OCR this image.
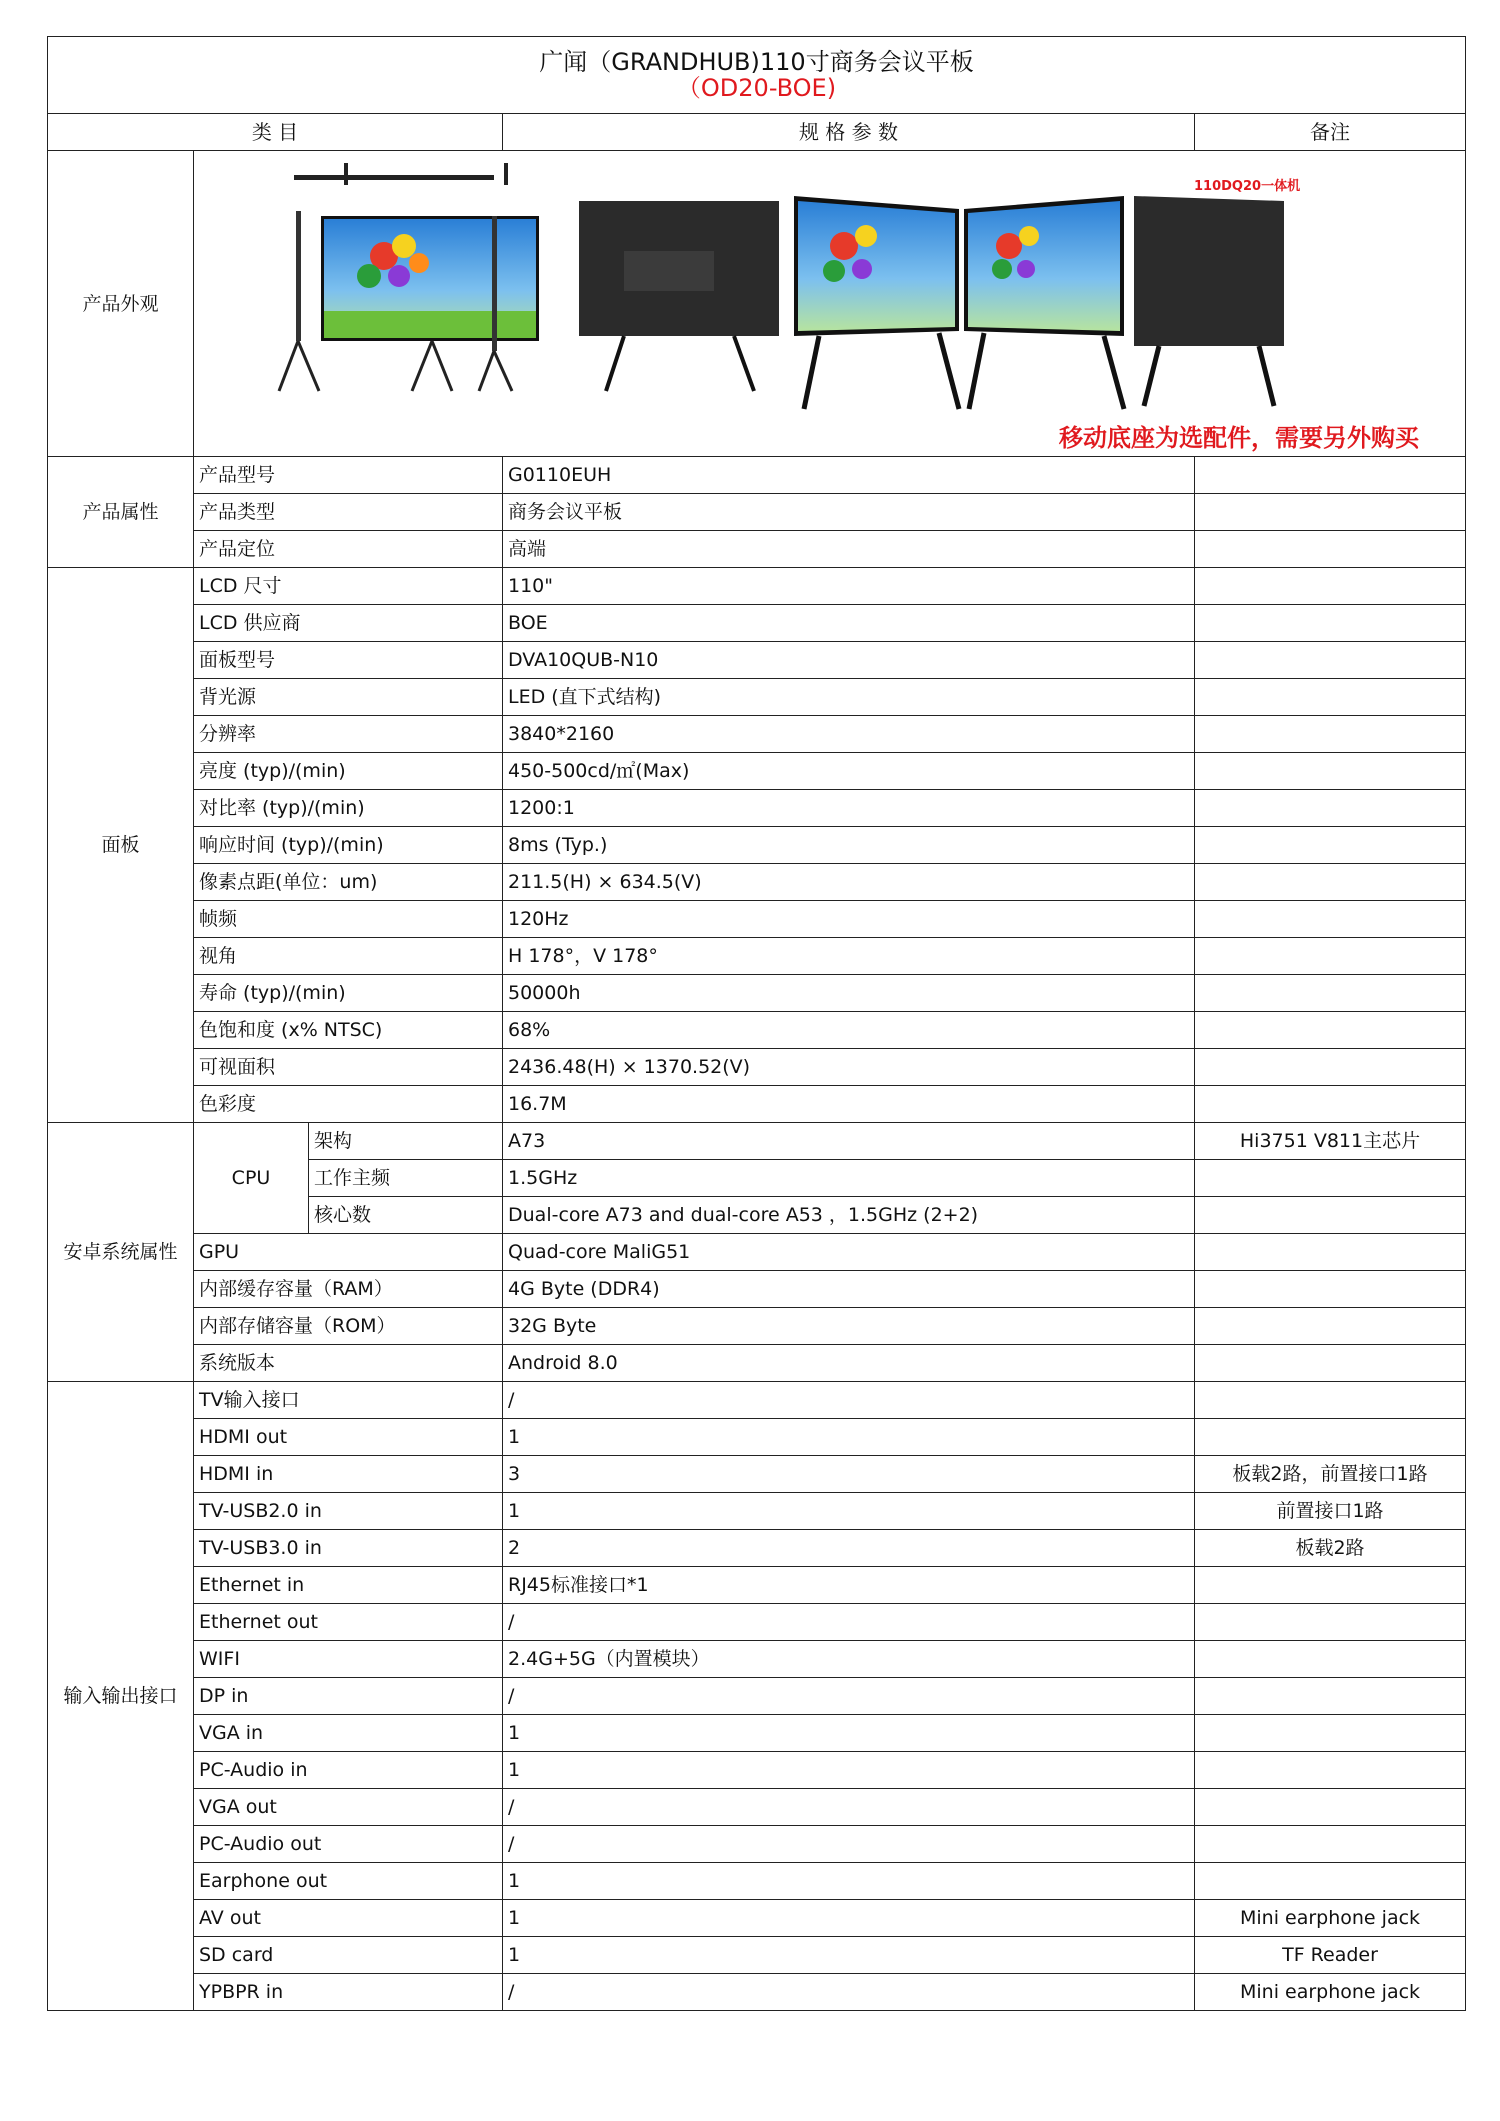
广闻（GRANDHUB)110寸商务会议平板
（OD20-BOE)				

类 目			规 格 参 数	备注
产品外观	110DQ20一体机
移动底座为选配件，需要另外购买			

产品属性	产品型号		G0110EUH	
	产品类型		商务会议平板	
	产品定位		高端	
面板	LCD 尺寸		110"	
	LCD 供应商		BOE	
	面板型号		DVA10QUB-N10	
	背光源		LED (直下式结构)	
	分辨率		3840*2160	
	亮度 (typ)/(min)		450-500cd/㎡(Max)	
	对比率 (typ)/(min)		1200:1	
	响应时间 (typ)/(min)		8ms (Typ.)	
	像素点距(单位：um)		211.5(H) × 634.5(V)	
	帧频		120Hz	
	视角		H 178°，V 178°	
	寿命 (typ)/(min)		50000h	
	色饱和度 (x% NTSC)		68%	
	可视面积		2436.48(H) × 1370.52(V)	
	色彩度		16.7M	
安卓系统属性	CPU	架构	A73	Hi3751 V811主芯片
		工作主频	1.5GHz	
		核心数	Dual-core A73 and dual-core A53 ，1.5GHz (2+2)	
	GPU		Quad-core MaliG51	
	内部缓存容量（RAM）		4G Byte (DDR4)	
	内部存储容量（ROM）		32G Byte	
	系统版本		Android 8.0	
输入输出接口	TV输入接口		/	
	HDMI out		1	
	HDMI in		3	板载2路，前置接口1路
	TV-USB2.0 in		1	前置接口1路
	TV-USB3.0 in		2	板载2路
	Ethernet in		RJ45标准接口*1	
	Ethernet out		/	
	WIFI		2.4G+5G（内置模块）	
	DP in		/	
	VGA in		1	
	PC-Audio in		1	
	VGA out		/	
	PC-Audio out		/	
	Earphone out		1	
	AV out		1	Mini earphone jack
	SD card		1	TF Reader
	YPBPR in		/	Mini earphone jack
